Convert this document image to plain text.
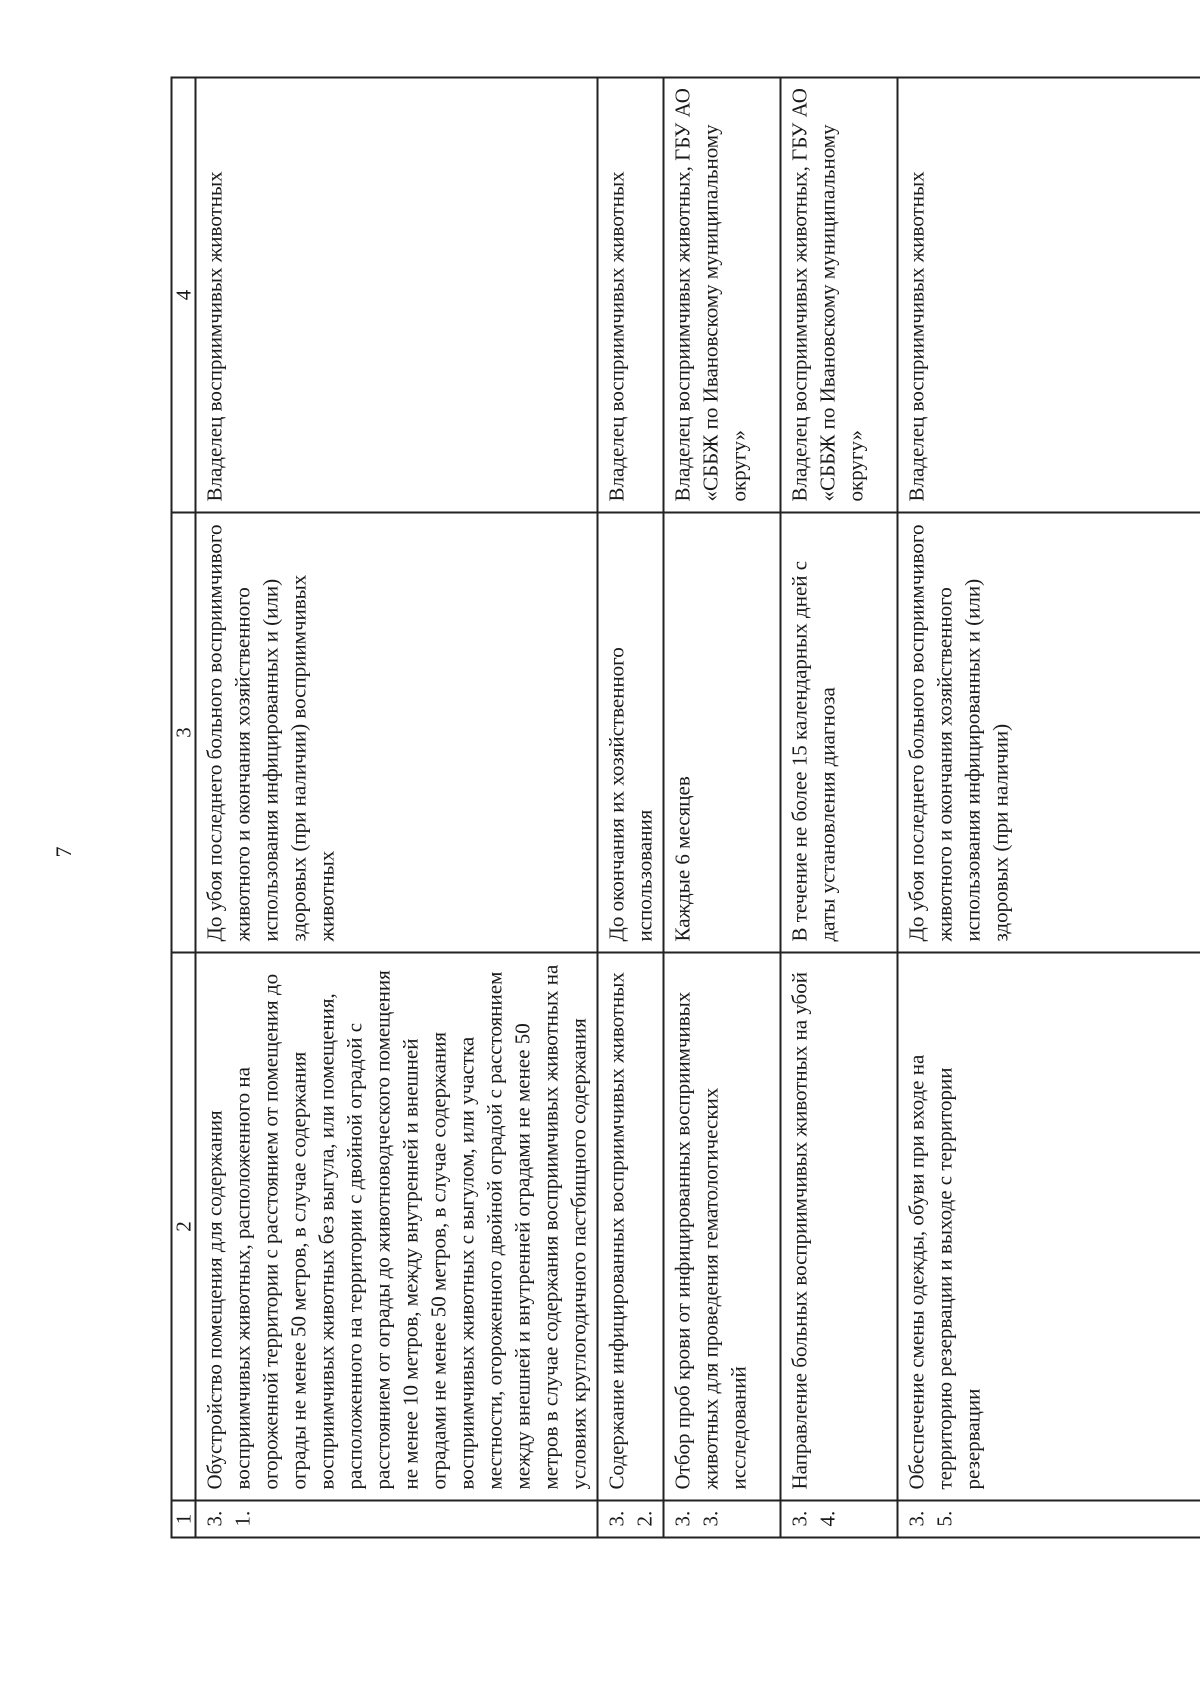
7
1	2	3	4
3.1.	Обустройство помещения для содержания восприимчивых животных, расположенного на огороженной территории с расстоянием от помещения до ограды не менее 50 метров, в случае содержания восприимчивых животных без выгула, или помещения, расположенного на территории с двойной оградой с расстоянием от ограды до животноводческого помещения не менее 10 метров, между внутренней и внешней оградами не менее 50 метров, в случае содержания восприимчивых животных с выгулом, или участка местности, огороженного двойной оградой с расстоянием между внешней и внутренней оградами не менее 50 метров в случае содержания восприимчивых животных на условиях круглогодичного пастбищного содержания	До убоя последнего больного восприимчивого животного и окончания хозяйственного использования инфицированных и (или) здоровых (при наличии) восприимчивых животных	Владелец восприимчивых животных
3.2.	Содержание инфицированных восприимчивых животных	До окончания их хозяйственного использования	Владелец восприимчивых животных
3.3.	Отбор проб крови от инфицированных восприимчивых животных для проведения гематологических исследований	Каждые 6 месяцев	Владелец восприимчивых животных, ГБУ АО «СББЖ по Ивановскому муниципальному округу»
3.4.	Направление больных восприимчивых животных на убой	В течение не более 15 календарных дней с даты установления диагноза	Владелец восприимчивых животных, ГБУ АО «СББЖ по Ивановскому муниципальному округу»
3.5.	Обеспечение смены одежды, обуви при входе на территорию резервации и выходе с территории резервации	До убоя последнего больного восприимчивого животного и окончания хозяйственного использования инфицированных и (или) здоровых (при наличии)	Владелец восприимчивых животных
